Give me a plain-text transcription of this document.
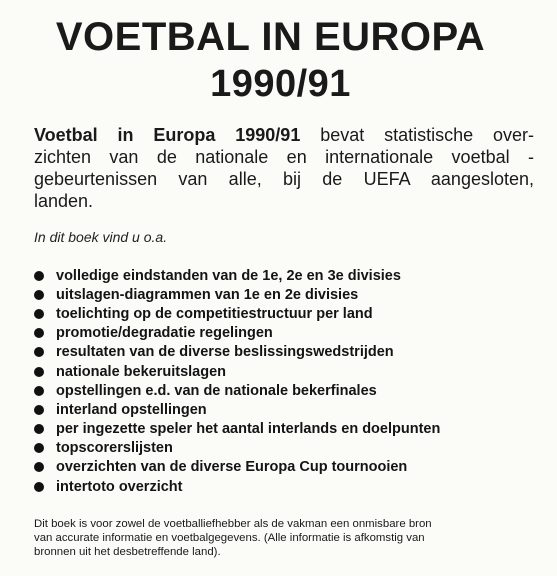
VOETBAL IN EUROPA
1990/91
Voetbal in Europa 1990/91 bevat statistische over-
zichten van de nationale en internationale voetbal -
gebeurtenissen van alle, bij de UEFA aangesloten,
landen.
In dit boek vind u o.a.
volledige eindstanden van de 1e, 2e en 3e divisies
uitslagen-diagrammen van 1e en 2e divisies
toelichting op de competitiestructuur per land
promotie/degradatie regelingen
resultaten van de diverse beslissingswedstrijden
nationale bekeruitslagen
opstellingen e.d. van de nationale bekerfinales
interland opstellingen
per ingezette speler het aantal interlands en doelpunten
topscorerslijsten
overzichten van de diverse Europa Cup tournooien
intertoto overzicht
Dit boek is voor zowel de voetballiefhebber als de vakman een onmisbare bron
van accurate informatie en voetbalgegevens. (Alle informatie is afkomstig van
bronnen uit het desbetreffende land).
